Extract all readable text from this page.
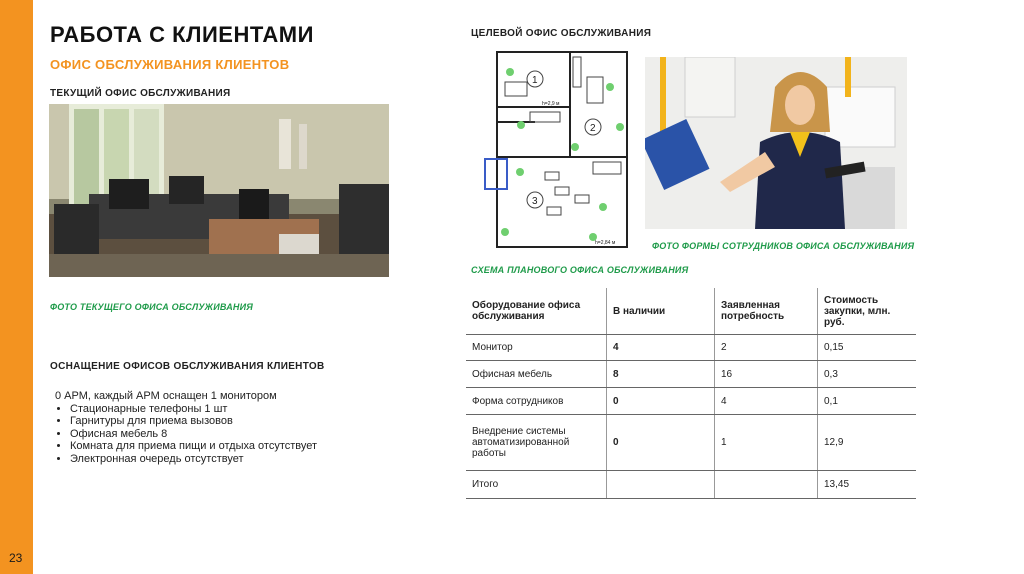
23
РАБОТА С КЛИЕНТАМИ
ОФИС ОБСЛУЖИВАНИЯ КЛИЕНТОВ
ТЕКУЩИЙ ОФИС ОБСЛУЖИВАНИЯ
ФОТО ТЕКУЩЕГО ОФИСА ОБСЛУЖИВАНИЯ
ОСНАЩЕНИЕ ОФИСОВ ОБСЛУЖИВАНИЯ КЛИЕНТОВ
0 АРМ, каждый АРМ оснащен 1 монитором
• Стационарные телефоны 1 шт
• Гарнитуры для приема вызовов
• Офисная мебель 8
• Комната для приема пищи и отдыха отсутствует
• Электронная очередь отсутствует
ЦЕЛЕВОЙ ОФИС ОБСЛУЖИВАНИЯ
1
2
3
h=2,9 м
h=2,84 м
СХЕМА ПЛАНОВОГО ОФИСА ОБСЛУЖИВАНИЯ
ФОТО ФОРМЫ СОТРУДНИКОВ ОФИСА ОБСЛУЖИВАНИЯ
Оборудование офиса обслуживания	В наличии	Заявленная потребность	Стоимость закупки, млн. руб.
Монитор	4	2	0,15
Офисная мебель	8	16	0,3
Форма сотрудников	0	4	0,1
Внедрение системы автоматизированной работы	0	1	12,9
Итого			13,45
